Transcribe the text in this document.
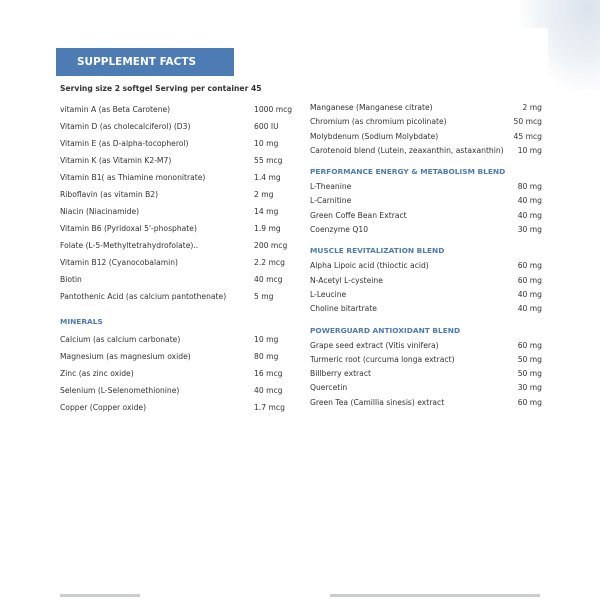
SUPPLEMENT FACTS
Serving size 2 softgel Serving per container 45
vitamin A (as Beta Carotene)	1000 mcg
Vitamin D (as cholecalciferol) (D3)	600 IU
Vitamin E (as D-alpha-tocopherol)	10 mg
Vitamin K (as Vitamin K2-M7)	55 mcg
Vitamin B1( as Thiamine mononitrate)	1.4 mg
Riboflavin (as vitamin B2)	2 mg
Niacin (Niacinamide)	14 mg
Vitamin B6 (Pyridoxal 5'-phosphate)	1.9 mg
Folate (L-5-Methyltetrahydrofolate)..	200 mcg
Vitamin B12 (Cyanocobalamin)	2.2 mcg
Biotin	40 mcg
Pantothenic Acid (as calcium pantothenate)	5 mg
MINERALS
Calcium (as calcium carbonate)	10 mg
Magnesium (as magnesium oxide)	80 mg
Zinc (as zinc oxide)	16 mcg
Selenium (L-Selenomethionine)	40 mcg
Copper (Copper oxide)	1.7 mcg
Manganese (Manganese citrate)	2 mg
Chromium (as chromium picolinate)	50 mcg
Molybdenum (Sodium Molybdate)	45 mcg
Carotenoid blend (Lutein, zeaxanthin, astaxanthin) 10 mg
PERFORMANCE ENERGY & METABOLISM BLEND
L-Theanine	80 mg
L-Carnitine	40 mg
Green Coffe Bean Extract	40 mg
Coenzyme Q10	30 mg
MUSCLE REVITALIZATION BLEND
Alpha Lipoic acid (thioctic acid)	60 mg
N-Acetyl L-cysteine	60 mg
L-Leucine	40 mg
Choline bitartrate	40 mg
POWERGUARD ANTIOXIDANT BLEND
Grape seed extract (Vitis vinifera)	60 mg
Turmeric root (curcuma longa extract)	50 mg
Billberry extract	50 mg
Quercetin	30 mg
Green Tea (Camillia sinesis) extract	60 mg
